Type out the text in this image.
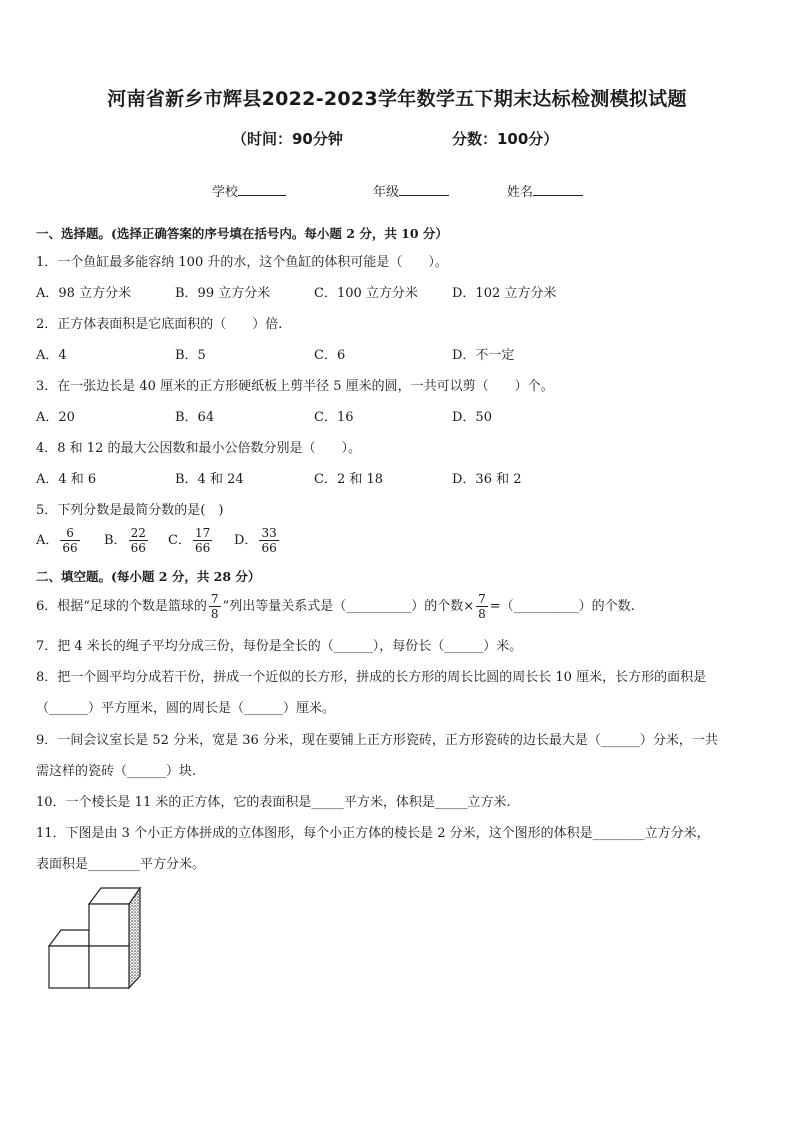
河南省新乡市辉县2022-2023学年数学五下期末达标检测模拟试题
（时间：90分钟	分数：100分）
学校	年级	姓名
一、选择题。(选择正确答案的序号填在括号内。每小题 2 分，共 10 分）
1．一个鱼缸最多能容纳 100 升的水，这个鱼缸的体积可能是（　　）。
A．98 立方分米	B．99 立方分米	C．100 立方分米	D．102 立方分米
2．正方体表面积是它底面积的（　　）倍.
A．4	B．5	C．6	D．不一定
3．在一张边长是 40 厘米的正方形硬纸板上剪半径 5 厘米的圆，一共可以剪（　　）个。
A．20	B．64	C．16	D．50
4．8 和 12 的最大公因数和最小公倍数分别是（　　）。
A．4 和 6	B．4 和 24	C．2 和 18	D．36 和 2
5．下列分数是最简分数的是(　)
A． $\frac{6}{66}$ B． $\frac{22}{66}$ C． $\frac{17}{66}$ D． $\frac{33}{66}$
二、填空题。(每小题 2 分，共 28 分）
6．根据“足球的个数是篮球的 $\frac{7}{8}$ ”列出等量关系式是（__________）的个数× $\frac{7}{8}$ =（__________）的个数.
7．把 4 米长的绳子平均分成三份，每份是全长的（______），每份长（______）米。
8．把一个圆平均分成若干份，拼成一个近似的长方形，拼成的长方形的周长比圆的周长长 10 厘米，长方形的面积是
（______）平方厘米，圆的周长是（______）厘米。
9．一间会议室长是 52 分米，宽是 36 分米，现在要铺上正方形瓷砖，正方形瓷砖的边长最大是（______）分米，一共
需这样的瓷砖（______）块.
10．一个棱长是 11 米的正方体，它的表面积是_____平方米，体积是_____立方米.
11．下图是由 3 个小正方体拼成的立体图形，每个小正方体的棱长是 2 分米，这个图形的体积是________立方分米，
表面积是________平方分米。
